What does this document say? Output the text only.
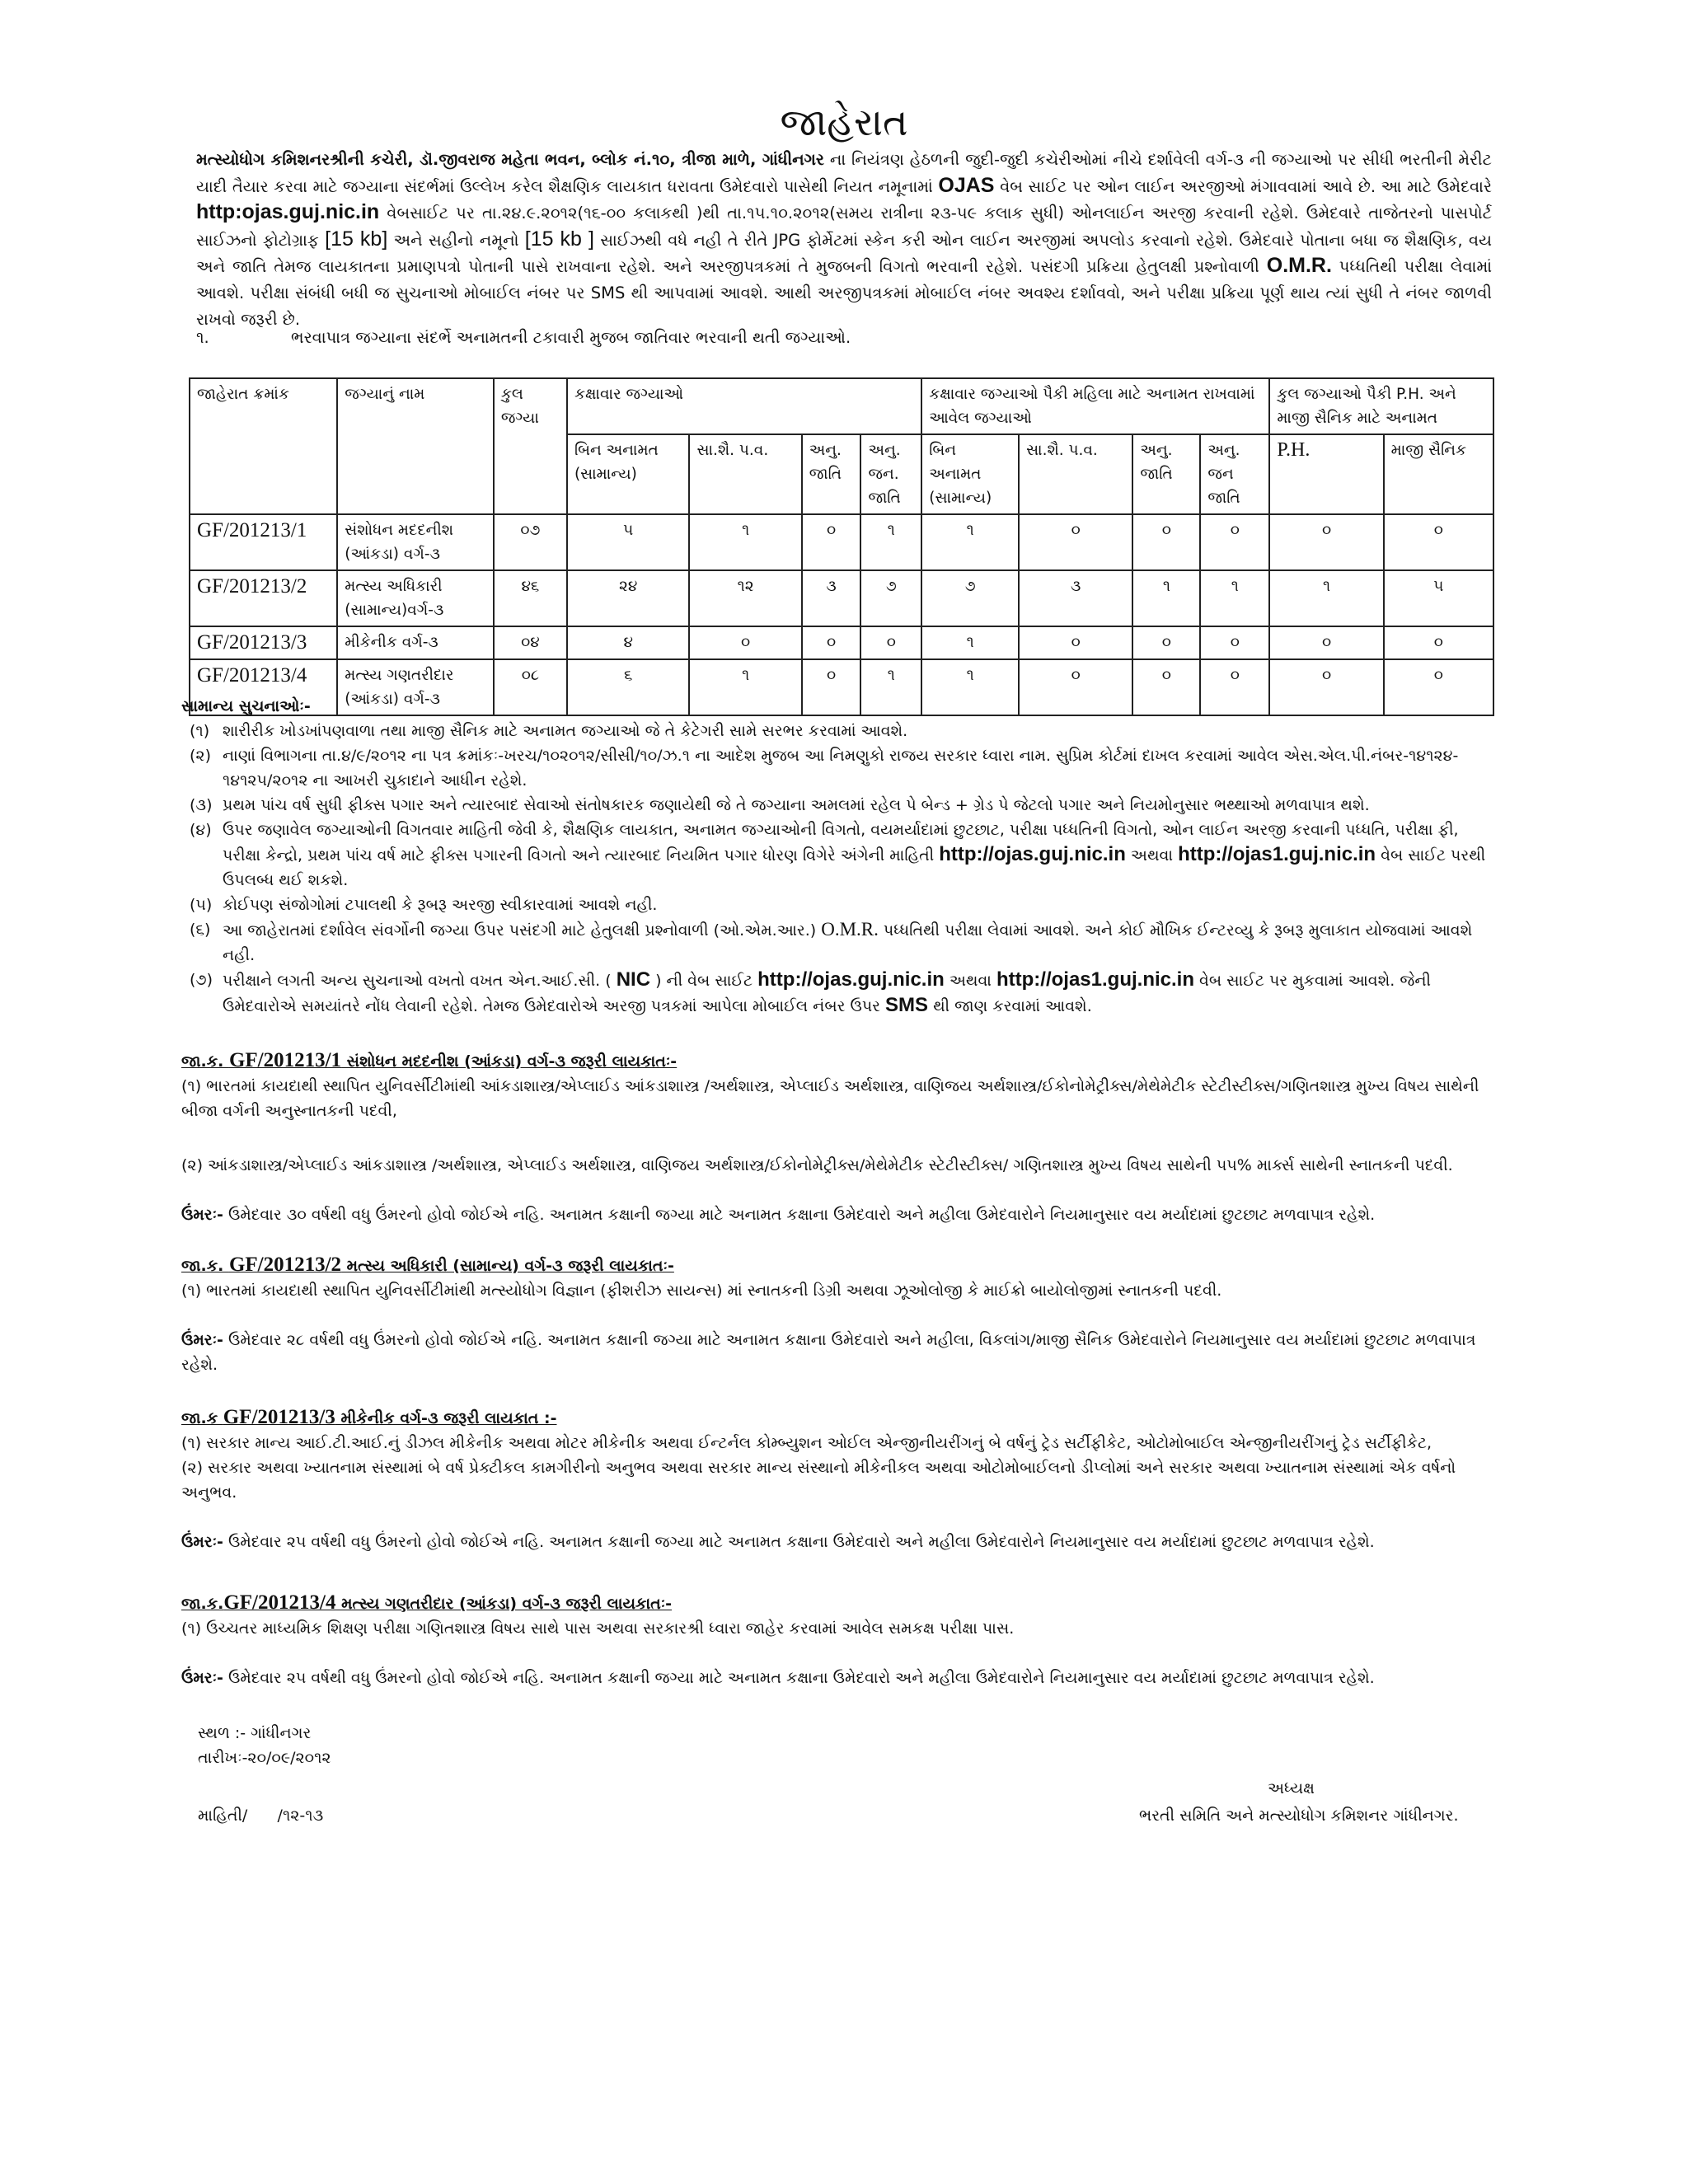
જાહેરાત

મત્સ્યોધોગ કમિશનરશ્રીની કચેરી, ડૉ.જીવરાજ મહેતા ભવન, બ્લોક નં.૧૦, ત્રીજા માળે, ગાંધીનગર ના નિયંત્રણ હેઠળની જુદી-જુદી કચેરીઓમાં નીચે દર્શાવેલી વર્ગ-૩ ની જગ્યાઓ પર સીધી ભરતીની મેરીટ યાદી તૈયાર કરવા માટે જગ્યાના સંદર્ભમાં ઉલ્લેખ કરેલ શૈક્ષણિક લાયકાત ધરાવતા ઉમેદવારો પાસેથી નિયત નમૂનામાં OJAS વેબ સાઈટ પર ઓન લાઈન અરજીઓ મંગાવવામાં આવે છે. આ માટે ઉમેદવારે http:ojas.guj.nic.in વેબસાઈટ પર તા.૨૪.૯.૨૦૧૨(૧૬-૦૦ કલાકથી )થી તા.૧૫.૧૦.૨૦૧૨(સમય રાત્રીના ૨૩-૫૯ કલાક સુધી) ઓનલાઈન અરજી કરવાની રહેશે. ઉમેદવારે તાજેતરનો પાસપોર્ટ સાઈઝનો ફોટોગ્રાફ [15 kb] અને સહીનો નમૂનો [15 kb ] સાઈઝથી વધે નહી તે રીતે JPG ફોર્મેટમાં સ્કેન કરી ઓન લાઈન અરજીમાં અપલોડ કરવાનો રહેશે. ઉમેદવારે પોતાના બધા જ શૈક્ષણિક, વય અને જાતિ તેમજ લાયકાતના પ્રમાણપત્રો પોતાની પાસે રાખવાના રહેશે. અને અરજીપત્રકમાં તે મુજબની વિગતો ભરવાની રહેશે. પસંદગી પ્રક્રિયા હેતુલક્ષી પ્રશ્નોવાળી O.M.R. પધ્ધતિથી પરીક્ષા લેવામાં આવશે. પરીક્ષા સંબંધી બધી જ સુચનાઓ મોબાઈલ નંબર પર SMS થી આપવામાં આવશે. આથી અરજીપત્રકમાં મોબાઈલ નંબર અવશ્ય દર્શાવવો, અને પરીક્ષા પ્રક્રિયા પૂર્ણ થાય ત્યાં સુધી તે નંબર જાળવી રાખવો જરૂરી છે.

૧.	ભરવાપાત્ર જગ્યાના સંદર્ભે અનામતની ટકાવારી મુજબ જાતિવાર ભરવાની થતી જગ્યાઓ.
જાહેરાત ક્રમાંક	જગ્યાનું નામ	કુલ જગ્યા	કક્ષાવાર જગ્યાઓ				કક્ષાવાર જગ્યાઓ પૈકી મહિલા માટે અનામત રાખવામાં આવેલ જગ્યાઓ				કુલ જગ્યાઓ પૈકી P.H. અને માજી સૈનિક માટે અનામત	
			બિન અનામત (સામાન્ય)	સા.શૈ. પ.વ.	અનુ. જાતિ	અનુ. જન. જાતિ	બિન અનામત (સામાન્ય)	સા.શૈ. પ.વ.	અનુ. જાતિ	અનુ. જન જાતિ	P.H.	માજી સૈનિક
GF/201213/1	સંશોધન મદદનીશ (આંકડા) વર્ગ-૩	૦૭	૫	૧	૦	૧	૧	૦	૦	૦	૦	૦
GF/201213/2	મત્સ્ય અધિકારી (સામાન્ય)વર્ગ-૩	૪૬	૨૪	૧૨	૩	૭	૭	૩	૧	૧	૧	૫
GF/201213/3	મીકેનીક વર્ગ-૩	૦૪	૪	૦	૦	૦	૧	૦	૦	૦	૦	૦
GF/201213/4	મત્સ્ય ગણતરીદાર (આંકડા) વર્ગ-૩	૦૮	૬	૧	૦	૧	૧	૦	૦	૦	૦	૦
સામાન્ય સુચનાઓઃ-
(૧) શારીરીક ખોડખાંપણવાળા તથા માજી સૈનિક માટે અનામત જગ્યાઓ જે તે કેટેગરી સામે સરભર કરવામાં આવશે.
(૨) નાણાં વિભાગના તા.૪/૯/૨૦૧૨ ના પત્ર ક્રમાંકઃ-ખરચ/૧૦૨૦૧૨/સીસી/૧૦/ઝ.૧ ના આદેશ મુજબ આ નિમણુકો રાજય સરકાર ધ્વારા નામ. સુપ્રિમ કોર્ટમાં દાખલ કરવામાં આવેલ એસ.એલ.પી.નંબર-૧૪૧૨૪- ૧૪૧૨૫/૨૦૧૨ ના આખરી ચુકાદાને આધીન રહેશે.
(૩) પ્રથમ પાંચ વર્ષ સુધી ફીક્સ પગાર અને ત્યારબાદ સેવાઓ સંતોષકારક જણાયેથી જે તે જગ્યાના અમલમાં રહેલ પે બેન્ડ + ગ્રેડ પે જેટલો પગાર અને નિયમોનુસાર ભથ્થાઓ મળવાપાત્ર થશે.
(૪) ઉપર જણાવેલ જગ્યાઓની વિગતવાર માહિતી જેવી કે, શૈક્ષણિક લાયકાત, અનામત જગ્યાઓની વિગતો, વયમર્યાદામાં છુટછાટ, પરીક્ષા પધ્ધતિની વિગતો, ઓન લાઈન અરજી કરવાની પધ્ધતિ, પરીક્ષા ફી, પરીક્ષા કેન્દ્રો, પ્રથમ પાંચ વર્ષ માટે ફીક્સ પગારની વિગતો અને ત્યારબાદ નિયમિત પગાર ધોરણ વિગેરે અંગેની માહિતી http://ojas.guj.nic.in અથવા http://ojas1.guj.nic.in વેબ સાઈટ પરથી ઉપલબ્ધ થઈ શકશે.
(૫) કોઈપણ સંજોગોમાં ટપાલથી કે રૂબરૂ અરજી સ્વીકારવામાં આવશે નહી.
(૬) આ જાહેરાતમાં દર્શાવેલ સંવર્ગોની જગ્યા ઉપર પસંદગી માટે હેતુલક્ષી પ્રશ્નોવાળી (ઓ.એમ.આર.) O.M.R. પધ્ધતિથી પરીક્ષા લેવામાં આવશે. અને કોઈ મૌખિક ઈન્ટરવ્યુ કે રૂબરૂ મુલાકાત યોજવામાં આવશે નહી.
(૭) પરીક્ષાને લગતી અન્ય સુચનાઓ વખતો વખત એન.આઈ.સી. ( NIC ) ની વેબ સાઈટ http://ojas.guj.nic.in અથવા http://ojas1.guj.nic.in વેબ સાઈટ પર મુકવામાં આવશે. જેની ઉમેદવારોએ સમયાંતરે નોંધ લેવાની રહેશે. તેમજ ઉમેદવારોએ અરજી પત્રકમાં આપેલા મોબાઈલ નંબર ઉપર SMS થી જાણ કરવામાં આવશે.
જા.ક. GF/201213/1 સંશોધન મદદનીશ (આંકડા) વર્ગ-૩ જરૂરી લાયકાતઃ-
(૧) ભારતમાં કાયદાથી સ્થાપિત યુનિવર્સીટીમાંથી આંકડાશાસ્ત્ર/એપ્લાઈડ આંકડાશાસ્ત્ર /અર્થશાસ્ત્ર, એપ્લાઈડ અર્થશાસ્ત્ર, વાણિજય અર્થશાસ્ત્ર/ઈકોનોમેટ્રીક્સ/મેથેમેટીક સ્ટેટીસ્ટીક્સ/ગણિતશાસ્ત્ર મુખ્ય વિષય સાથેની બીજા વર્ગની અનુસ્નાતકની પદવી,
(૨) આંકડાશાસ્ત્ર/એપ્લાઈડ આંકડાશાસ્ત્ર /અર્થશાસ્ત્ર, એપ્લાઈડ અર્થશાસ્ત્ર, વાણિજય અર્થશાસ્ત્ર/ઈકોનોમેટ્રીક્સ/મેથેમેટીક સ્ટેટીસ્ટીક્સ/ ગણિતશાસ્ત્ર મુખ્ય વિષય સાથેની ૫૫% માર્ક્સ સાથેની સ્નાતકની પદવી.
ઉંમરઃ- ઉમેદવાર ૩૦ વર્ષથી વધુ ઉંમરનો હોવો જોઈએ નહિ. અનામત કક્ષાની જગ્યા માટે અનામત કક્ષાના ઉમેદવારો અને મહીલા ઉમેદવારોને નિયમાનુસાર વય મર્યાદામાં છુટછાટ મળવાપાત્ર રહેશે.
જા.ક. GF/201213/2 મત્સ્ય અધિકારી (સામાન્ય) વર્ગ-૩ જરૂરી લાયકાતઃ-
(૧) ભારતમાં કાયદાથી સ્થાપિત યુનિવર્સીટીમાંથી મત્સ્યોધોગ વિજ્ઞાન (ફીશરીઝ સાયન્સ) માં સ્નાતકની ડિગ્રી અથવા ઝૂઓલોજી કે માઈક્રો બાયોલોજીમાં સ્નાતકની પદવી.
ઉંમરઃ- ઉમેદવાર ૨૮ વર્ષથી વધુ ઉંમરનો હોવો જોઈએ નહિ. અનામત કક્ષાની જગ્યા માટે અનામત કક્ષાના ઉમેદવારો અને મહીલા, વિકલાંગ/માજી સૈનિક ઉમેદવારોને નિયમાનુસાર વય મર્યાદામાં છુટછાટ મળવાપાત્ર રહેશે.
જા.ક GF/201213/3 મીકેનીક વર્ગ-૩ જરૂરી લાયકાત :-
(૧) સરકાર માન્ય આઈ.ટી.આઈ.નું ડીઝલ મીકેનીક અથવા મોટર મીકેનીક અથવા ઈન્ટર્નલ કોમ્બ્યુશન ઓઈલ એન્જીનીયરીંગનું બે વર્ષનું ટ્રેડ સર્ટીફીકેટ, ઓટોમોબાઈલ એન્જીનીયરીંગનું ટ્રેડ સર્ટીફીકેટ,
(૨) સરકાર અથવા ખ્યાતનામ સંસ્થામાં બે વર્ષ પ્રેક્ટીકલ કામગીરીનો અનુભવ અથવા સરકાર માન્ય સંસ્થાનો મીકેનીકલ અથવા ઓટોમોબાઈલનો ડીપ્લોમાં અને સરકાર અથવા ખ્યાતનામ સંસ્થામાં એક વર્ષનો અનુભવ.
ઉંમરઃ- ઉમેદવાર ૨૫ વર્ષથી વધુ ઉંમરનો હોવો જોઈએ નહિ. અનામત કક્ષાની જગ્યા માટે અનામત કક્ષાના ઉમેદવારો અને મહીલા ઉમેદવારોને નિયમાનુસાર વય મર્યાદામાં છુટછાટ મળવાપાત્ર રહેશે.
જા.ક.GF/201213/4 મત્સ્ય ગણતરીદાર (આંકડા) વર્ગ-૩ જરૂરી લાયકાતઃ-
(૧) ઉચ્ચતર માધ્યમિક શિક્ષણ પરીક્ષા ગણિતશાસ્ત્ર વિષય સાથે પાસ અથવા સરકારશ્રી ધ્વારા જાહેર કરવામાં આવેલ સમકક્ષ પરીક્ષા પાસ.
ઉંમરઃ- ઉમેદવાર ૨૫ વર્ષથી વધુ ઉંમરનો હોવો જોઈએ નહિ. અનામત કક્ષાની જગ્યા માટે અનામત કક્ષાના ઉમેદવારો અને મહીલા ઉમેદવારોને નિયમાનુસાર વય મર્યાદામાં છુટછાટ મળવાપાત્ર રહેશે.
સ્થળ :- ગાંધીનગર
તારીખઃ-૨૦/૦૯/૨૦૧૨
અધ્યક્ષ
માહિતી/      /૧૨-૧૩	ભરતી સમિતિ અને મત્સ્યોધોગ કમિશનર ગાંધીનગર.
